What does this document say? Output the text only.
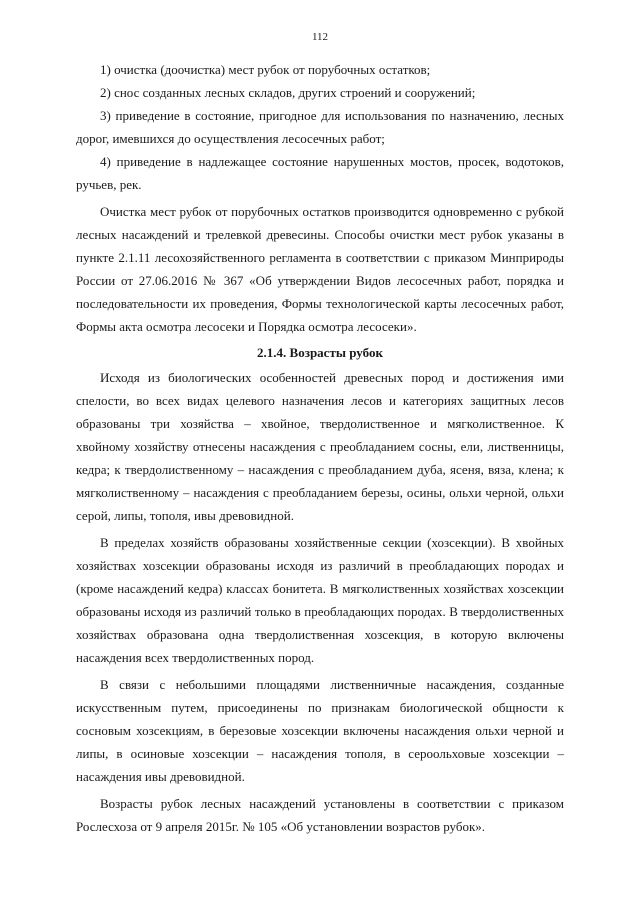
112

1) очистка (доочистка) мест рубок от порубочных остатков;

2) снос созданных лесных складов, других строений и сооружений;

3) приведение в состояние, пригодное для использования по назначению, лесных дорог, имевшихся до осуществления лесосечных работ;

4) приведение в надлежащее состояние нарушенных мостов, просек, водотоков, ручьев, рек.

Очистка мест рубок от порубочных остатков производится одновременно с рубкой лесных насаждений и трелевкой древесины. Способы очистки мест рубок указаны в пункте 2.1.11 лесохозяйственного регламента в соответствии с приказом Минприроды России от 27.06.2016 № 367 «Об утверждении Видов лесосечных работ, порядка и последовательности их проведения, Формы технологической карты лесосечных работ, Формы акта осмотра лесосеки и Порядка осмотра лесосеки».

2.1.4. Возрасты рубок

Исходя из биологических особенностей древесных пород и достижения ими спелости, во всех видах целевого назначения лесов и категориях защитных лесов образованы три хозяйства – хвойное, твердолиственное и мягколиственное. К хвойному хозяйству отнесены насаждения с преобладанием сосны, ели, лиственницы, кедра; к твердолиственному – насаждения с преобладанием дуба, ясеня, вяза, клена; к мягколиственному – насаждения с преобладанием березы, осины, ольхи черной, ольхи серой, липы, тополя, ивы древовидной.

В пределах хозяйств образованы хозяйственные секции (хозсекции). В хвойных хозяйствах хозсекции образованы исходя из различий в преобладающих породах и (кроме насаждений кедра) классах бонитета. В мягколиственных хозяйствах хозсекции образованы исходя из различий только в преобладающих породах. В твердолиственных хозяйствах образована одна твердолиственная хозсекция, в которую включены насаждения всех твердолиственных пород.

В связи с небольшими площадями лиственничные насаждения, созданные искусственным путем, присоединены по признакам биологической общности к сосновым хозсекциям, в березовые хозсекции включены насаждения ольхи черной и липы, в осиновые хозсекции – насаждения тополя, в сероольховые хозсекции – насаждения ивы древовидной.

Возрасты рубок лесных насаждений установлены в соответствии с приказом Рослесхоза от 9 апреля 2015г. № 105 «Об установлении возрастов рубок».
